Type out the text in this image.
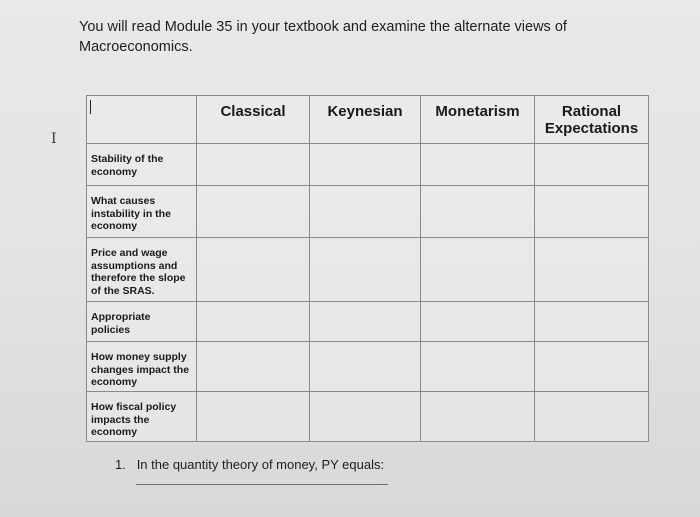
You will read Module 35 in your textbook and examine the alternate views of Macroeconomics.
I
	Classical	Keynesian	Monetarism	Rational Expectations

Stability of the economy				

What causes instability in the economy				

Price and wage assumptions and therefore the slope of the SRAS.				

Appropriate policies				

How money supply changes impact the economy				

How fiscal policy impacts the economy				

1. In the quantity theory of money, PY equals:
